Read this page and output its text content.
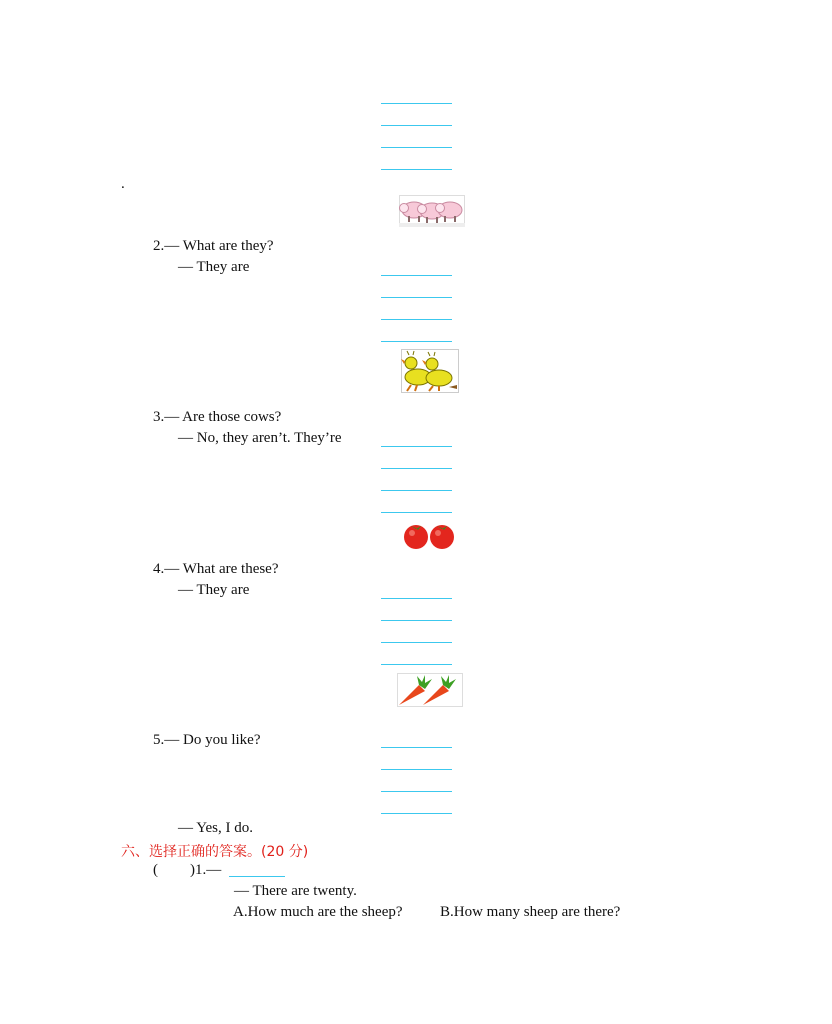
.
2.— What are they?
— They are
3.— Are those cows?
— No, they aren’t. They’re
4.— What are these?
— They are
5.— Do you like?
— Yes, I do.
六、选择正确的答案。(20 分)
( )1.—
— There are twenty.
A.How much are the sheep? B.How many sheep are there?
